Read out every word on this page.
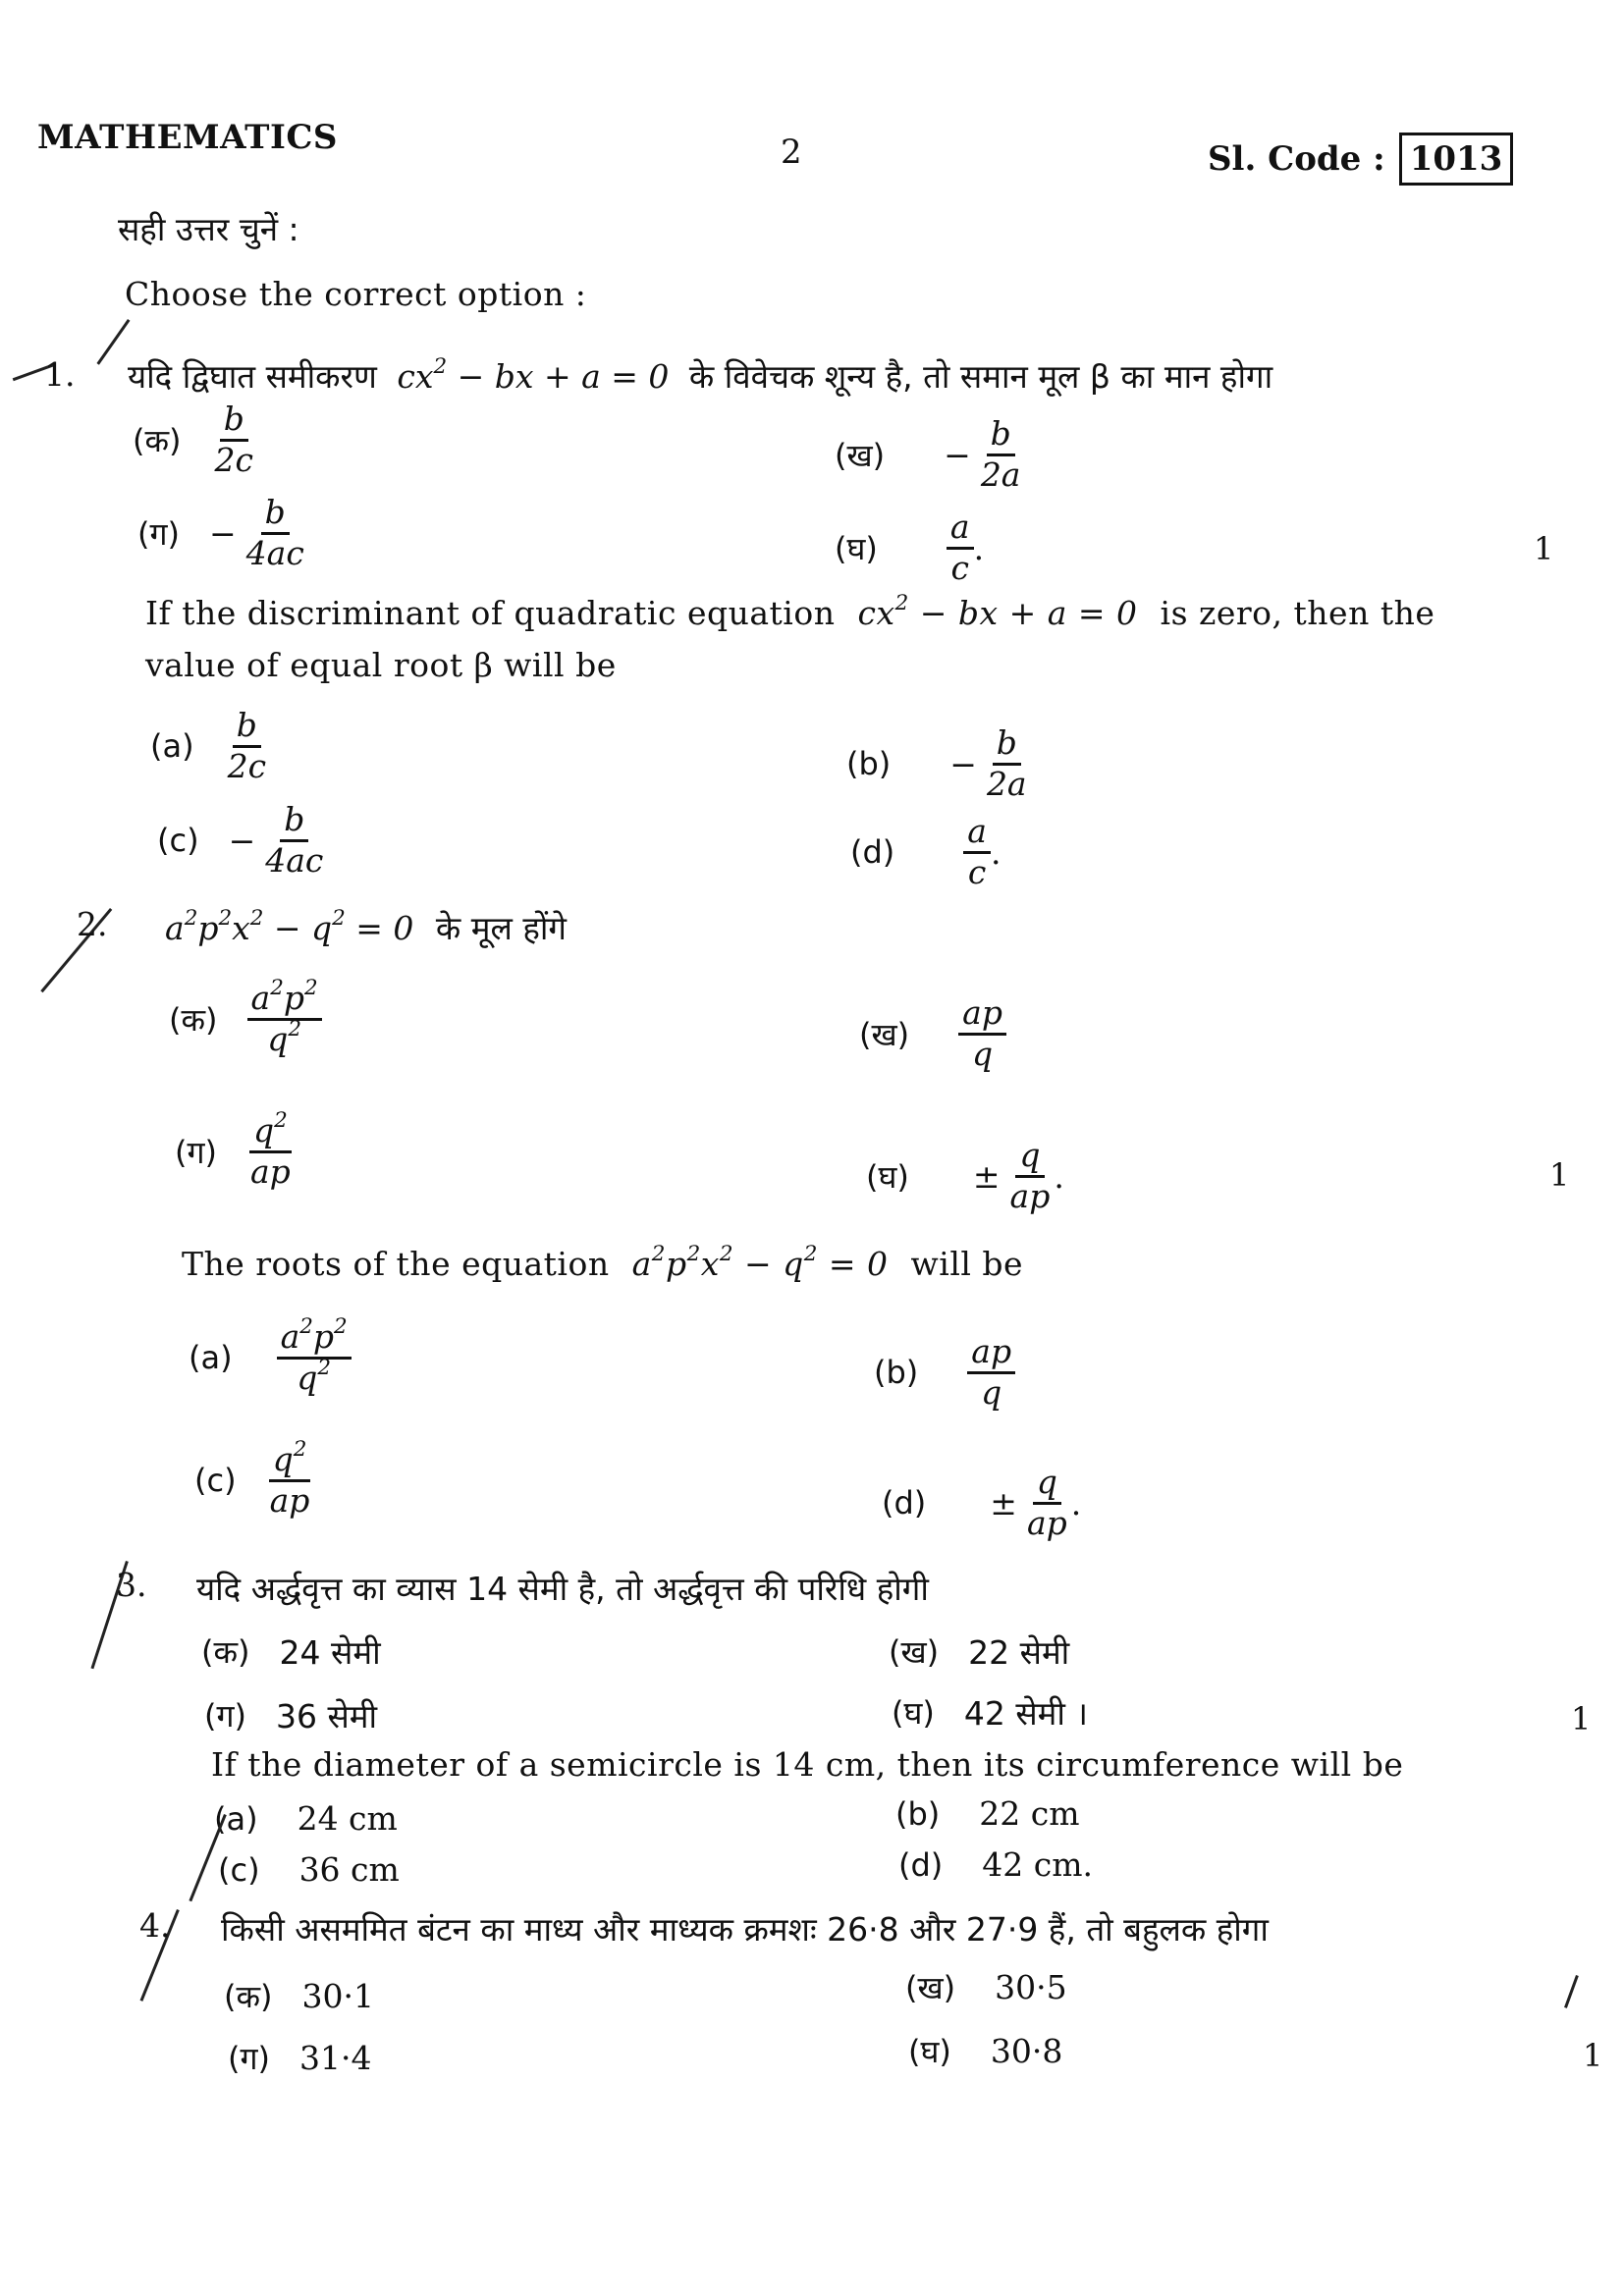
MATHEMATICS	2	Sl. Code : 1013
सही उत्तर चुनें :
Choose the correct option :
1. यदि द्विघात समीकरण $cx^2$ − bx + a = 0 के विवेचक शून्य है, तो समान मूल β का मान होगा
(क) $\frac{b}{2c}$	(ख) − $\frac{b}{2a}$
(ग) − $\frac{b}{4ac}$	(घ) $\frac{a}{c}$ .	1
If the discriminant of quadratic equation $cx^2$ − bx + a = 0 is zero, then the
value of equal root β will be
$(a) \frac{b}{2c}$	$(b) - \frac{b}{2a}$
$(c) - \frac{b}{4ac}$	$(d) \frac{a}{c}$ .
2. $a^2p^2x^2 - q^2 = 0$ के मूल होंगे
(क) $\frac{a^2p^2}{q^2}$	(ख) $\frac{ap}{q}$
(ग) $\frac{q^2}{ap}$	(घ) ± $\frac{q}{ap}$ .	1
The roots of the equation $a^2p^2x^2 - q^2 = 0$ will be
$(a) \frac{a^2p^2}{q^2}$	$(b) \frac{ap}{q}$
$(c) \frac{q^2}{ap}$	$(d) \pm \frac{q}{ap}$ .
3. यदि अर्द्धवृत्त का व्यास 14 सेमी है, तो अर्द्धवृत्त की परिधि होगी
(क) 24 सेमी	(ख) 22 सेमी
(ग) 36 सेमी	(घ) 42 सेमी ।	1
If the diameter of a semicircle is 14 cm, then its circumference will be
(a) 24 cm	(b) 22 cm
(c) 36 cm	(d) 42 cm.
4. किसी असममित बंटन का माध्य और माध्यक क्रमशः 26·8 और 27·9 हैं, तो बहुलक होगा
(क) 30·1	(ख) 30·5
(ग) 31·4	(घ) 30·8	1
